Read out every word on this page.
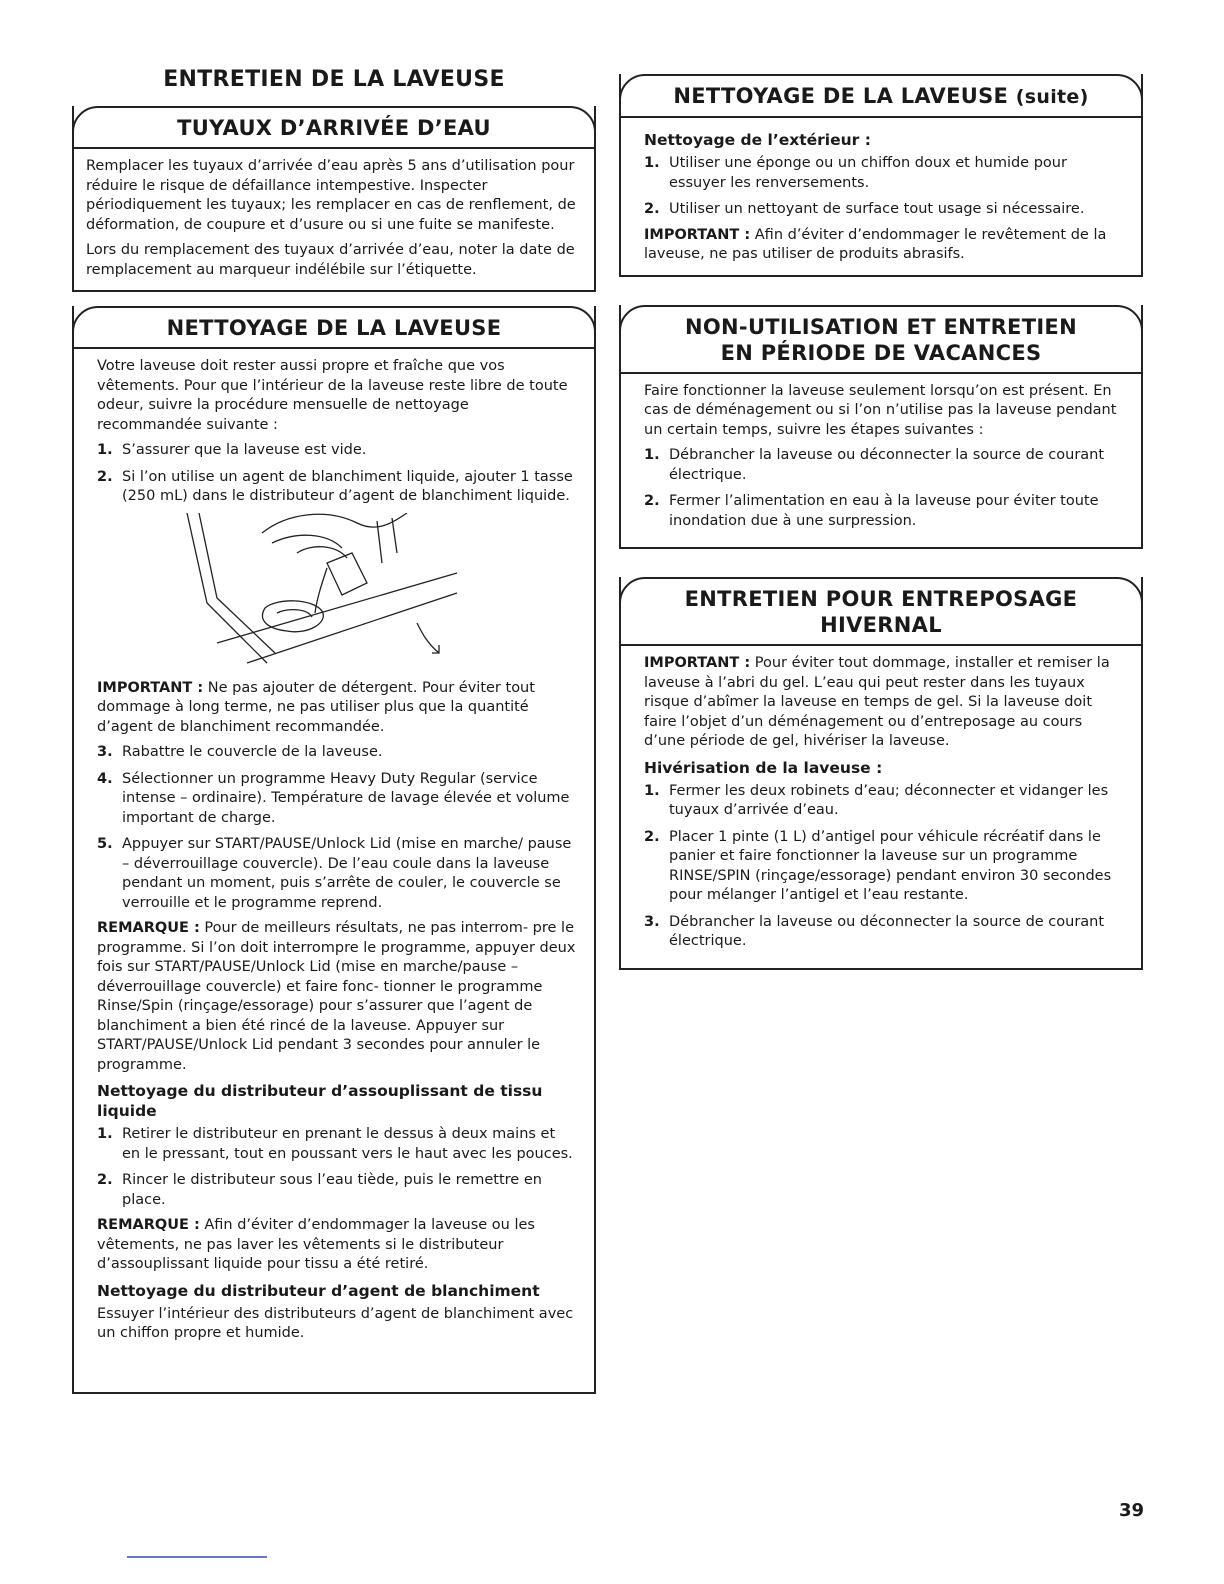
ENTRETIEN DE LA LAVEUSE
TUYAUX D’ARRIVÉE D’EAU

Remplacer les tuyaux d’arrivée d’eau après 5 ans d’utilisation pour réduire le risque de défaillance intempestive. Inspecter périodiquement les tuyaux; les remplacer en cas de renflement, de déformation, de coupure et d’usure ou si une fuite se manifeste.

Lors du remplacement des tuyaux d’arrivée d’eau, noter la date de remplacement au marqueur indélébile sur l’étiquette.

NETTOYAGE DE LA LAVEUSE

Votre laveuse doit rester aussi propre et fraîche que vos vêtements. Pour que l’intérieur de la laveuse reste libre de toute odeur, suivre la procédure mensuelle de nettoyage recommandée suivante :

1. S’assurer que la laveuse est vide.
2. Si l’on utilise un agent de blanchiment liquide, ajouter 1 tasse (250 mL) dans le distributeur d’agent de blanchiment liquide.

IMPORTANT : Ne pas ajouter de détergent. Pour éviter tout dommage à long terme, ne pas utiliser plus que la quantité d’agent de blanchiment recommandée.

3. Rabattre le couvercle de la laveuse.
4. Sélectionner un programme Heavy Duty Regular (service intense – ordinaire). Température de lavage élevée et volume important de charge.
5. Appuyer sur START/PAUSE/Unlock Lid (mise en marche/ pause – déverrouillage couvercle). De l’eau coule dans la laveuse pendant un moment, puis s’arrête de couler, le couvercle se verrouille et le programme reprend.

REMARQUE : Pour de meilleurs résultats, ne pas interrom- pre le programme. Si l’on doit interrompre le programme, appuyer deux fois sur START/PAUSE/Unlock Lid (mise en marche/pause – déverrouillage couvercle) et faire fonc- tionner le programme Rinse/Spin (rinçage/essorage) pour s’assurer que l’agent de blanchiment a bien été rincé de la laveuse. Appuyer sur START/PAUSE/Unlock Lid pendant 3 secondes pour annuler le programme.

Nettoyage du distributeur d’assouplissant de tissu liquide
1. Retirer le distributeur en prenant le dessus à deux mains et en le pressant, tout en poussant vers le haut avec les pouces.
2. Rincer le distributeur sous l’eau tiède, puis le remettre en place.

REMARQUE : Afin d’éviter d’endommager la laveuse ou les vêtements, ne pas laver les vêtements si le distributeur d’assouplissant liquide pour tissu a été retiré.

Nettoyage du distributeur d’agent de blanchiment

Essuyer l’intérieur des distributeurs d’agent de blanchiment avec un chiffon propre et humide.

NETTOYAGE DE LA LAVEUSE (suite)
Nettoyage de l’extérieur :
1. Utiliser une éponge ou un chiffon doux et humide pour essuyer les renversements.
2. Utiliser un nettoyant de surface tout usage si nécessaire.

IMPORTANT : Afin d’éviter d’endommager le revêtement de la laveuse, ne pas utiliser de produits abrasifs.

NON-UTILISATION ET ENTRETIEN
EN PÉRIODE DE VACANCES

Faire fonctionner la laveuse seulement lorsqu’on est présent. En cas de déménagement ou si l’on n’utilise pas la laveuse pendant un certain temps, suivre les étapes suivantes :

1. Débrancher la laveuse ou déconnecter la source de courant électrique.
2. Fermer l’alimentation en eau à la laveuse pour éviter toute inondation due à une surpression.
ENTRETIEN POUR ENTREPOSAGE HIVERNAL

IMPORTANT : Pour éviter tout dommage, installer et remiser la laveuse à l’abri du gel. L’eau qui peut rester dans les tuyaux risque d’abîmer la laveuse en temps de gel. Si la laveuse doit faire l’objet d’un déménagement ou d’entreposage au cours d’une période de gel, hivériser la laveuse.

Hivérisation de la laveuse :
1. Fermer les deux robinets d’eau; déconnecter et vidanger les tuyaux d’arrivée d’eau.
2. Placer 1 pinte (1 L) d’antigel pour véhicule récréatif dans le panier et faire fonctionner la laveuse sur un programme RINSE/SPIN (rinçage/essorage) pendant environ 30 secondes pour mélanger l’antigel et l’eau restante.
3. Débrancher la laveuse ou déconnecter la source de courant électrique.
39
